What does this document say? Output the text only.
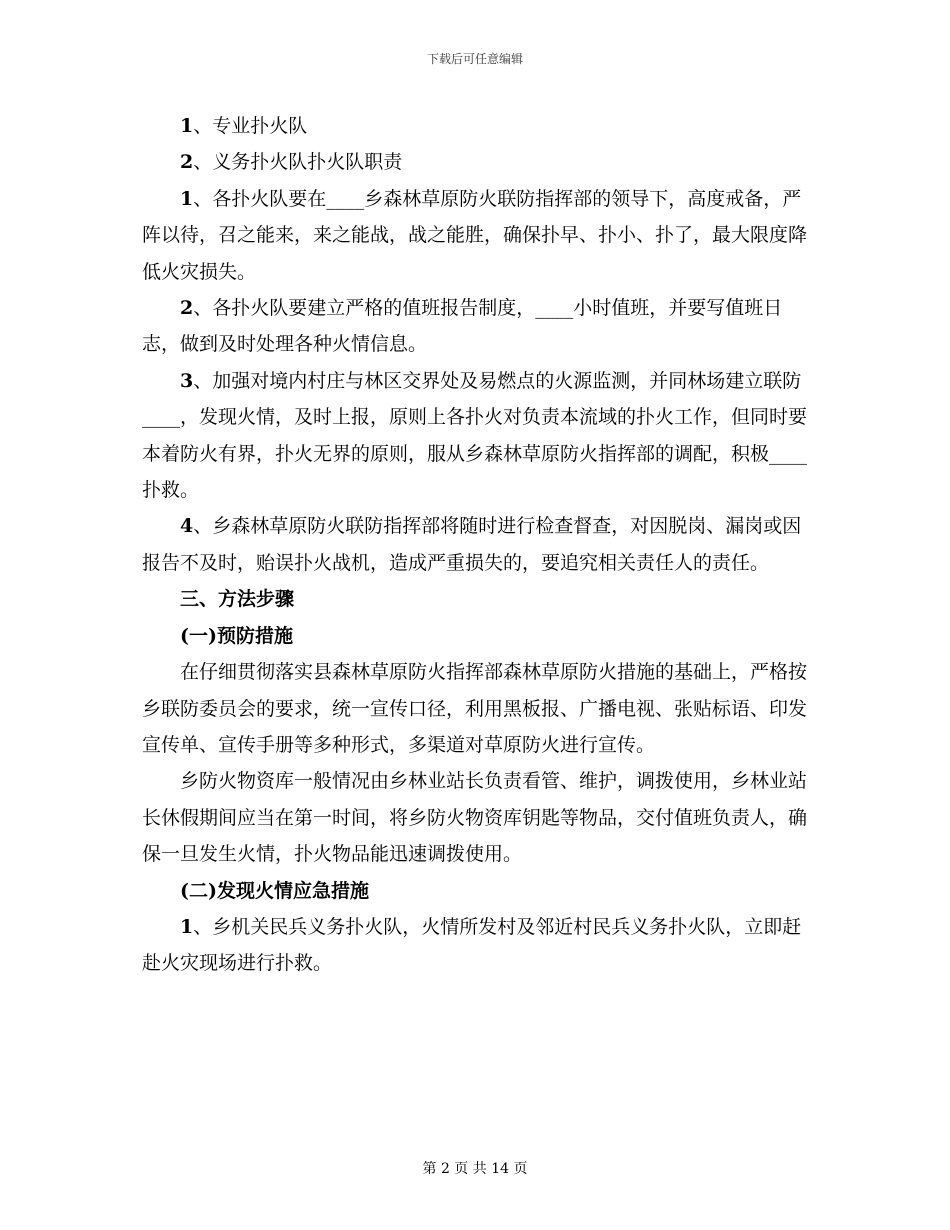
下载后可任意编辑

1、专业扑火队

2、义务扑火队扑火队职责

1、各扑火队要在____乡森林草原防火联防指挥部的领导下，高度戒备，严阵以待，召之能来，来之能战，战之能胜，确保扑早、扑小、扑了，最大限度降低火灾损失。

2、各扑火队要建立严格的值班报告制度，____小时值班，并要写值班日志，做到及时处理各种火情信息。

3、加强对境内村庄与林区交界处及易燃点的火源监测，并同林场建立联防____，发现火情，及时上报，原则上各扑火对负责本流域的扑火工作，但同时要本着防火有界，扑火无界的原则，服从乡森林草原防火指挥部的调配，积极____扑救。

4、乡森林草原防火联防指挥部将随时进行检查督查，对因脱岗、漏岗或因报告不及时，贻误扑火战机，造成严重损失的，要追究相关责任人的责任。

三、方法步骤

(一)预防措施

在仔细贯彻落实县森林草原防火指挥部森林草原防火措施的基础上，严格按乡联防委员会的要求，统一宣传口径，利用黑板报、广播电视、张贴标语、印发宣传单、宣传手册等多种形式，多渠道对草原防火进行宣传。

乡防火物资库一般情况由乡林业站长负责看管、维护，调拨使用，乡林业站长休假期间应当在第一时间，将乡防火物资库钥匙等物品，交付值班负责人，确保一旦发生火情，扑火物品能迅速调拨使用。

(二)发现火情应急措施

1、乡机关民兵义务扑火队，火情所发村及邻近村民兵义务扑火队，立即赶赴火灾现场进行扑救。

第 2 页 共 14 页
